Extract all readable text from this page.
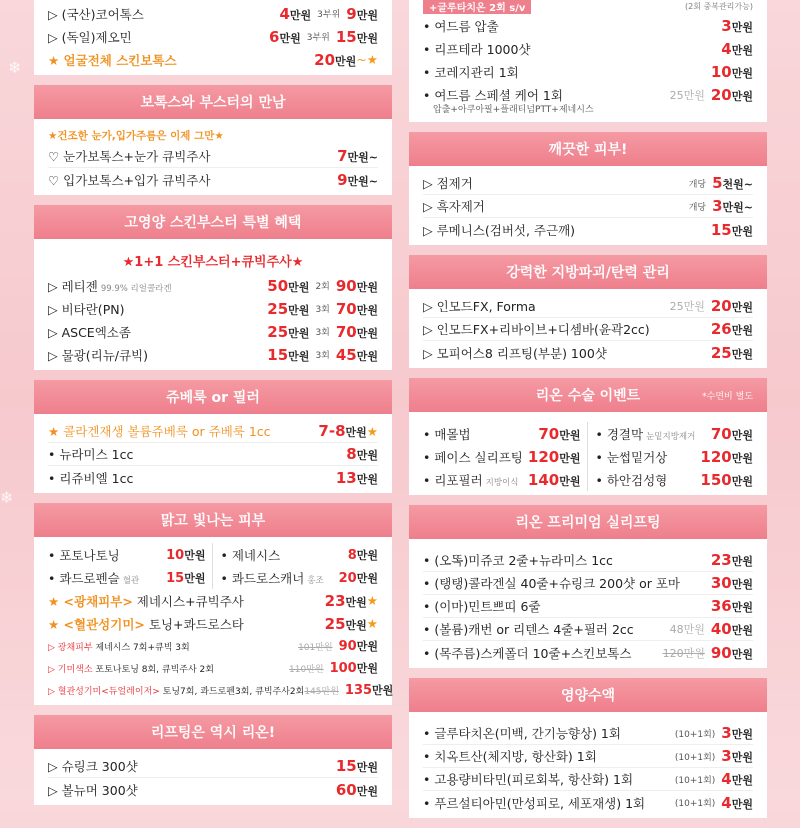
❄
❄
▷ (국산)코어톡스	4만원 3부위 9만원
▷ (독일)제오민	6만원 3부위 15만원
★ 얼굴전체 스킨보톡스	20만원 ~★
보톡스와 부스터의 만남
★건조한 눈가,입가주름은 이제 그만★
♡ 눈가보톡스+눈가 큐빅주사	7만원~
♡ 입가보톡스+입가 큐빅주사	9만원~
고영양 스킨부스터 특별 혜택
★1+1 스킨부스터+큐빅주사★
▷ 레티젠 99.9% 리얼콜라겐	50만원 2회 90만원
▷ 비타란(PN)	25만원 3회 70만원
▷ ASCE엑소좀	25만원 3회 70만원
▷ 물광(리뉴/큐빅)	15만원 3회 45만원
쥬베룩 or 필러
★ 콜라겐재생 볼륨쥬베룩 or 쥬베룩 1cc	7-8만원 ★
• 뉴라미스 1cc	8만원
• 리쥬비엘 1cc	13만원
맑고 빛나는 피부
• 포토나토닝	10만원
• 콰드로펜슬 혈관	15만원
• 제네시스	8만원
• 콰드로스캐너 홍조	20만원
★ <광채피부> 제네시스+큐빅주사	23만원 ★
★ <혈관성기미> 토닝+콰드로스타	25만원 ★
▷ 광채피부 제네시스 7회+큐빅 3회	101만원 90만원
▷ 기미색소 포토나토닝 8회, 큐빅주사 2회	110만원 100만원
▷ 혈관성기미<듀얼레이저> 토닝7회, 콰드로펜3회, 큐빅주사2회 145만원 135만원
리프팅은 역시 리온!
▷ 슈링크 300샷	15만원
▷ 볼뉴머 300샷	60만원
+글루타치온 2회 s/v	(2회 중복관리가능)
• 여드름 압출	3만원
• 리프테라 1000샷	4만원
• 코레지관리 1회	10만원
• 여드름 스페셜 케어 1회	25만원 20만원
압출+아쿠아필+플래티넘PTT+제네시스
깨끗한 피부!
▷ 점제거	개당 5천원~
▷ 흑자제거	개당 3만원~
▷ 루메니스(검버섯, 주근깨)	15만원
강력한 지방파괴/탄력 관리
▷ 인모드FX, Forma	25만원 20만원
▷ 인모드FX+리바이브+디셈바(윤곽2cc)	26만원
▷ 모피어스8 리프팅(부분) 100샷	25만원
리온 수술 이벤트	*수면비 별도
• 매몰법	70만원
• 페이스 실리프팅 120만원
• 리포필러 지방이식 140만원
• 경결막 눈밑지방제거	70만원
• 눈썹밑거상	120만원
• 하안검성형	150만원
리온 프리미엄 실리프팅
• (오똑)미쥬코 2줄+뉴라미스 1cc	23만원
• (탱탱)콜라겐실 40줄+슈링크 200샷 or 포마	30만원
• (이마)민트쁘띠 6줄	36만원
• (볼륨)캐번 or 리텐스 4줄+필러 2cc	48만원 40만원
• (목주름)스케폴더 10줄+스킨보톡스	120만원 90만원
영양수액
• 글루타치온(미백, 간기능향상) 1회	(10+1회) 3만원
• 치옥트산(체지방, 항산화) 1회	(10+1회) 3만원
• 고용량비타민(피로회복, 항산화) 1회	(10+1회) 4만원
• 푸르설티아민(만성피로, 세포재생) 1회	(10+1회) 4만원
